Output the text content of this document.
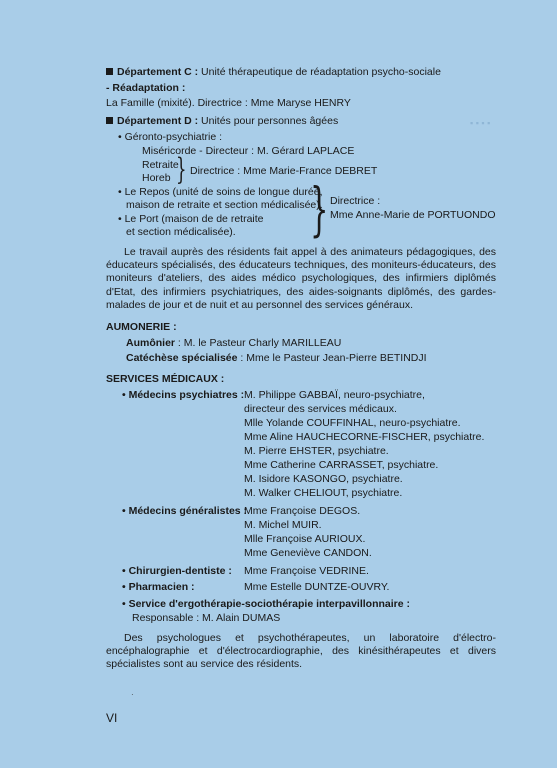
▪ ▪ ▪ ▪
Département C : Unité thérapeutique de réadaptation psycho-sociale
- Réadaptation :
La Famille (mixité). Directrice : Mme Maryse HENRY
Département D : Unités pour personnes âgées
• Géronto-psychiatrie :
Miséricorde - Directeur : M. Gérard LAPLACE
Retraite
Horeb } Directrice : Mme Marie-France DEBRET
• Le Repos (unité de soins de longue durée,
maison de retraite et section médicalisée).
• Le Port (maison de de retraite
et section médicalisée). } Directrice :
Mme Anne-Marie de PORTUONDO
Le travail auprès des résidents fait appel à des animateurs pédagogiques, des éducateurs spécialisés, des éducateurs techniques, des moniteurs-éducateurs, des moniteurs d'ateliers, des aides médico psychologiques, des infirmiers diplômés d'Etat, des infirmiers psychiatriques, des aides-soignants diplômés, des gardes-malades de jour et de nuit et au personnel des services généraux.
AUMONERIE :
Aumônier : M. le Pasteur Charly MARILLEAU
Catéchèse spécialisée : Mme le Pasteur Jean-Pierre BETINDJI
SERVICES MÉDICAUX :
• Médecins psychiatres : M. Philippe GABBAÏ, neuro-psychiatre,
directeur des services médicaux.
Mlle Yolande COUFFINHAL, neuro-psychiatre.
Mme Aline HAUCHECORNE-FISCHER, psychiatre.
M. Pierre EHSTER, psychiatre.
Mme Catherine CARRASSET, psychiatre.
M. Isidore KASONGO, psychiatre.
M. Walker CHELIOUT, psychiatre.
• Médecins généralistes :
Mme Françoise DEGOS.
M. Michel MUIR.
Mlle Françoise AURIOUX.
Mme Geneviève CANDON.
• Chirurgien-dentiste : Mme Françoise VEDRINE.
• Pharmacien :	Mme Estelle DUNTZE-OUVRY.
• Service d'ergothérapie-sociothérapie interpavillonnaire :
Responsable : M. Alain DUMAS
Des psychologues et psychothérapeutes, un laboratoire d'électro-encéphalographie et d'électrocardiographie, des kinésithérapeutes et divers spécialistes sont au service des résidents.
·
VI
